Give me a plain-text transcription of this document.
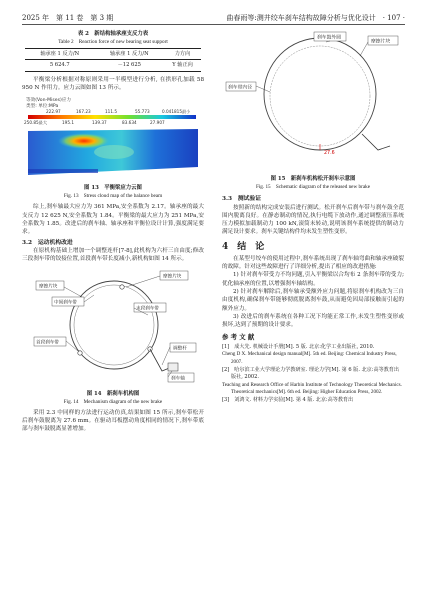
2025 年　第 11 卷　第 3 期	曲春雨等:测井绞车刹车结构故障分析与优化设计　· 107 ·

表 2　新结构轴承座支反力表

Table 2　Reaction force of new bearing seat support

轴承座 1 反力/N	轴承座 1 反力/N	力方向
5 624.7	－12 625	Y 轴正向

平衡梁分析根据对称原则采用一半模型进行分析, 在拱形孔加载 58 950 N 作用力。应力云图如图 13 所示。

等效(Von-Mises)应力
类型: 单位:MPa
222.97	167.23	111.5	55.773	0.041815最小
250.85最大	195.1	139.37	83.634	27.907

图 13　平衡梁应力云图

Fig. 13　Stress cloud map of the balance beam

综上,刹车轴最大应力为 361 MPa,安全系数为 2.17。轴承座的最大支反力 12 625 N,安全系数为 1.84。平衡梁的最大应力为 251 MPa,安全系数为 1.85。改进后的刹车轴、轴承座和平衡位设计计算,强度满足要求。

3.2　运动机构改进

在原机构基础上增加一个调整连杆[7-8],此机构为六杆三自由度;修改三段刹车带的铰接位置,首段刹车带长度减小,新机构如图 14 所示。

摩擦片块
摩擦片块
中间刹车带
末段刹车带
首段刹车带
调整杆
刹车轴

图 14　新刹车机构图

Fig. 14　Mechanism diagram of the new brake

采用 2.3 中同样的方法进行运动仿真,结果如图 15 所示,刹车带松开后刹车鼓脱离为 27.6 mm。在驱动耳板摆动角度相同的情况下,刹车带底部与刹车鼓脱离显著增加。

刹车鼓外圆
刹车带内径
摩擦片块
27.6

图 15　新刹车机构松开刹车示意图

Fig. 15　Schematic diagram of the released new brake

3.3　测试验证

按照新的结构完成安装后进行测试。松开刹车后刹车带与刹车鼓全范围内脱离良好。在静态制动的情况,执行电缆下放动作,通过调整液压系统压力模拟加载制动力 100 kN,滚筒未转动,说明该刹车系统提供的制动力满足设计要求。刹车关键结构件均未发生塑性变形。

4　结　论

在某型号绞车的使用过程中,刹车系统出现了刹车轴弯曲和轴承座破裂的故障。针对这些故障进行了详细分析,提出了相应的改进措施:

1) 针对刹车带受力不均问题,引入平衡梁以合均布 2 条刹车带的受力;优化轴承座的位置,以增强刹车轴结构。

2) 针对刹车解除后,刹车轴承受额外应力问题,将原刹车机构改为三自由度机构,确保刹车带能够彻底脱离刹车鼓,从而避免因局部接触而引起的额外应力。

3) 改进后的刹车系统在各种工况下均能正常工作,未发生塑性变形或损坏,达到了预期的设计要求。

参 考 文 献

[1]　成大先. 机械设计手册[M]. 5 版. 北京:化学工业出版社, 2010.

Cheng D X. Mechanical design manual[M]. 5th ed. Beijing: Chemical Industry Press, 2007.

[2]　哈尔滨工业大学理论力学教研室. 理论力学[M]. 第 6 版. 北京:高等教育出版社, 2002.

Teaching and Research Office of Harbin Institute of Technology Theoretical Mechanics. Theoretical mechanics[M]. 6th ed. Beijing: Higher Education Press, 2002.

[3]　刘鸿文. 材料力学实验[M]. 第 4 版. 北京:高等教育出
